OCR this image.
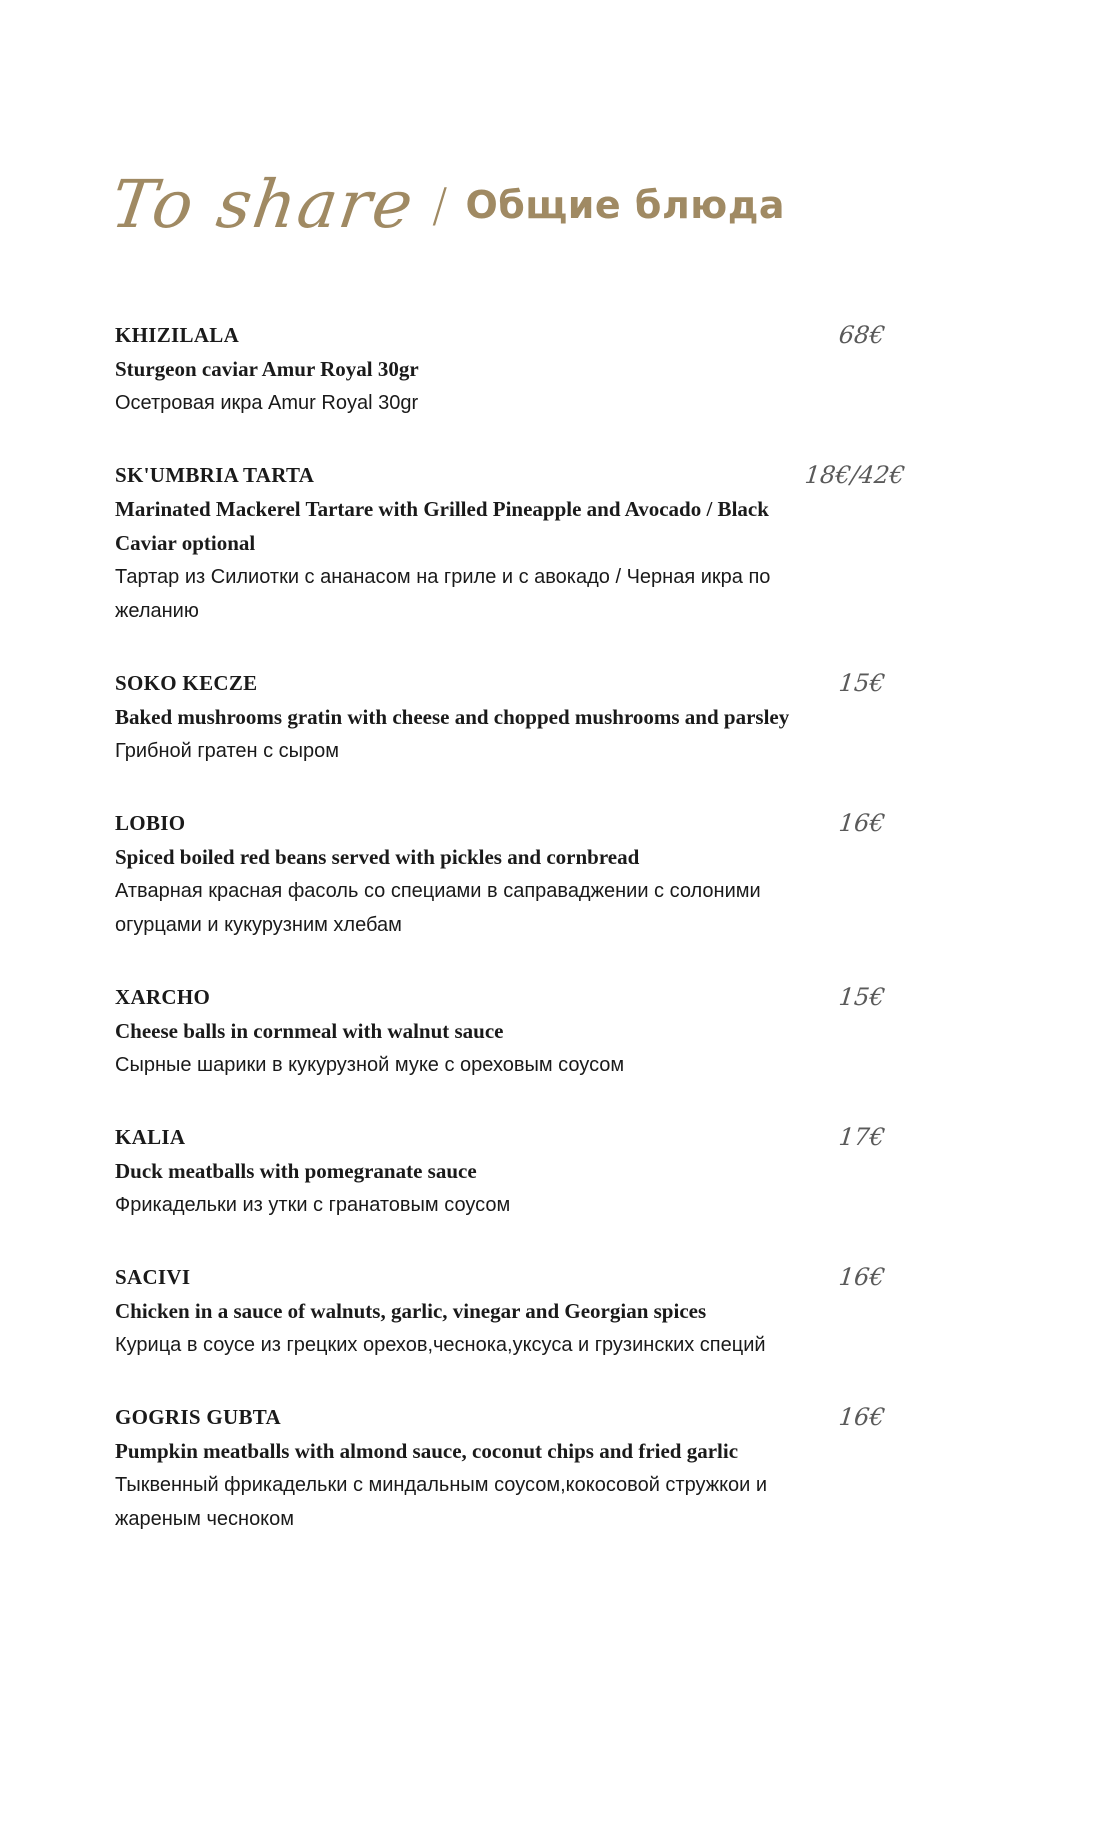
To share / Общие блюда
KHIZILALA
Sturgeon caviar Amur Royal 30gr
Осетровая икра Amur Royal 30gr
68€
SK'UMBRIA TARTA
Marinated Mackerel Tartare with Grilled Pineapple and Avocado / Black Caviar optional
Тартар из Силиотки с ананасом на гриле и с авокадо / Черная икра по желанию
18€/42€
SOKO KECZE
Baked mushrooms gratin with cheese and chopped mushrooms and parsley
Грибной гратен с сыром
15€
LOBIO
Spiced boiled red beans served with pickles and cornbread
Атварная красная фасоль со специами в саправаджении с солоними огурцами и кукурузним хлебам
16€
XARCHO
Cheese balls in cornmeal with walnut sauce
Сырные шарики в кукурузной муке с ореховым соусом
15€
KALIA
Duck meatballs with pomegranate sauce
Фрикадельки из утки с гранатовым соусом
17€
SACIVI
Chicken in a sauce of walnuts, garlic, vinegar and Georgian spices
Курица в соусе из грецких орехов,чеснока,уксуса и грузинских специй
16€
GOGRIS GUBTA
Pumpkin meatballs with almond sauce, coconut chips and fried garlic
Тыквенный фрикадельки с миндальным соусом,кокосовой стружкои и жареным чесноком
16€
